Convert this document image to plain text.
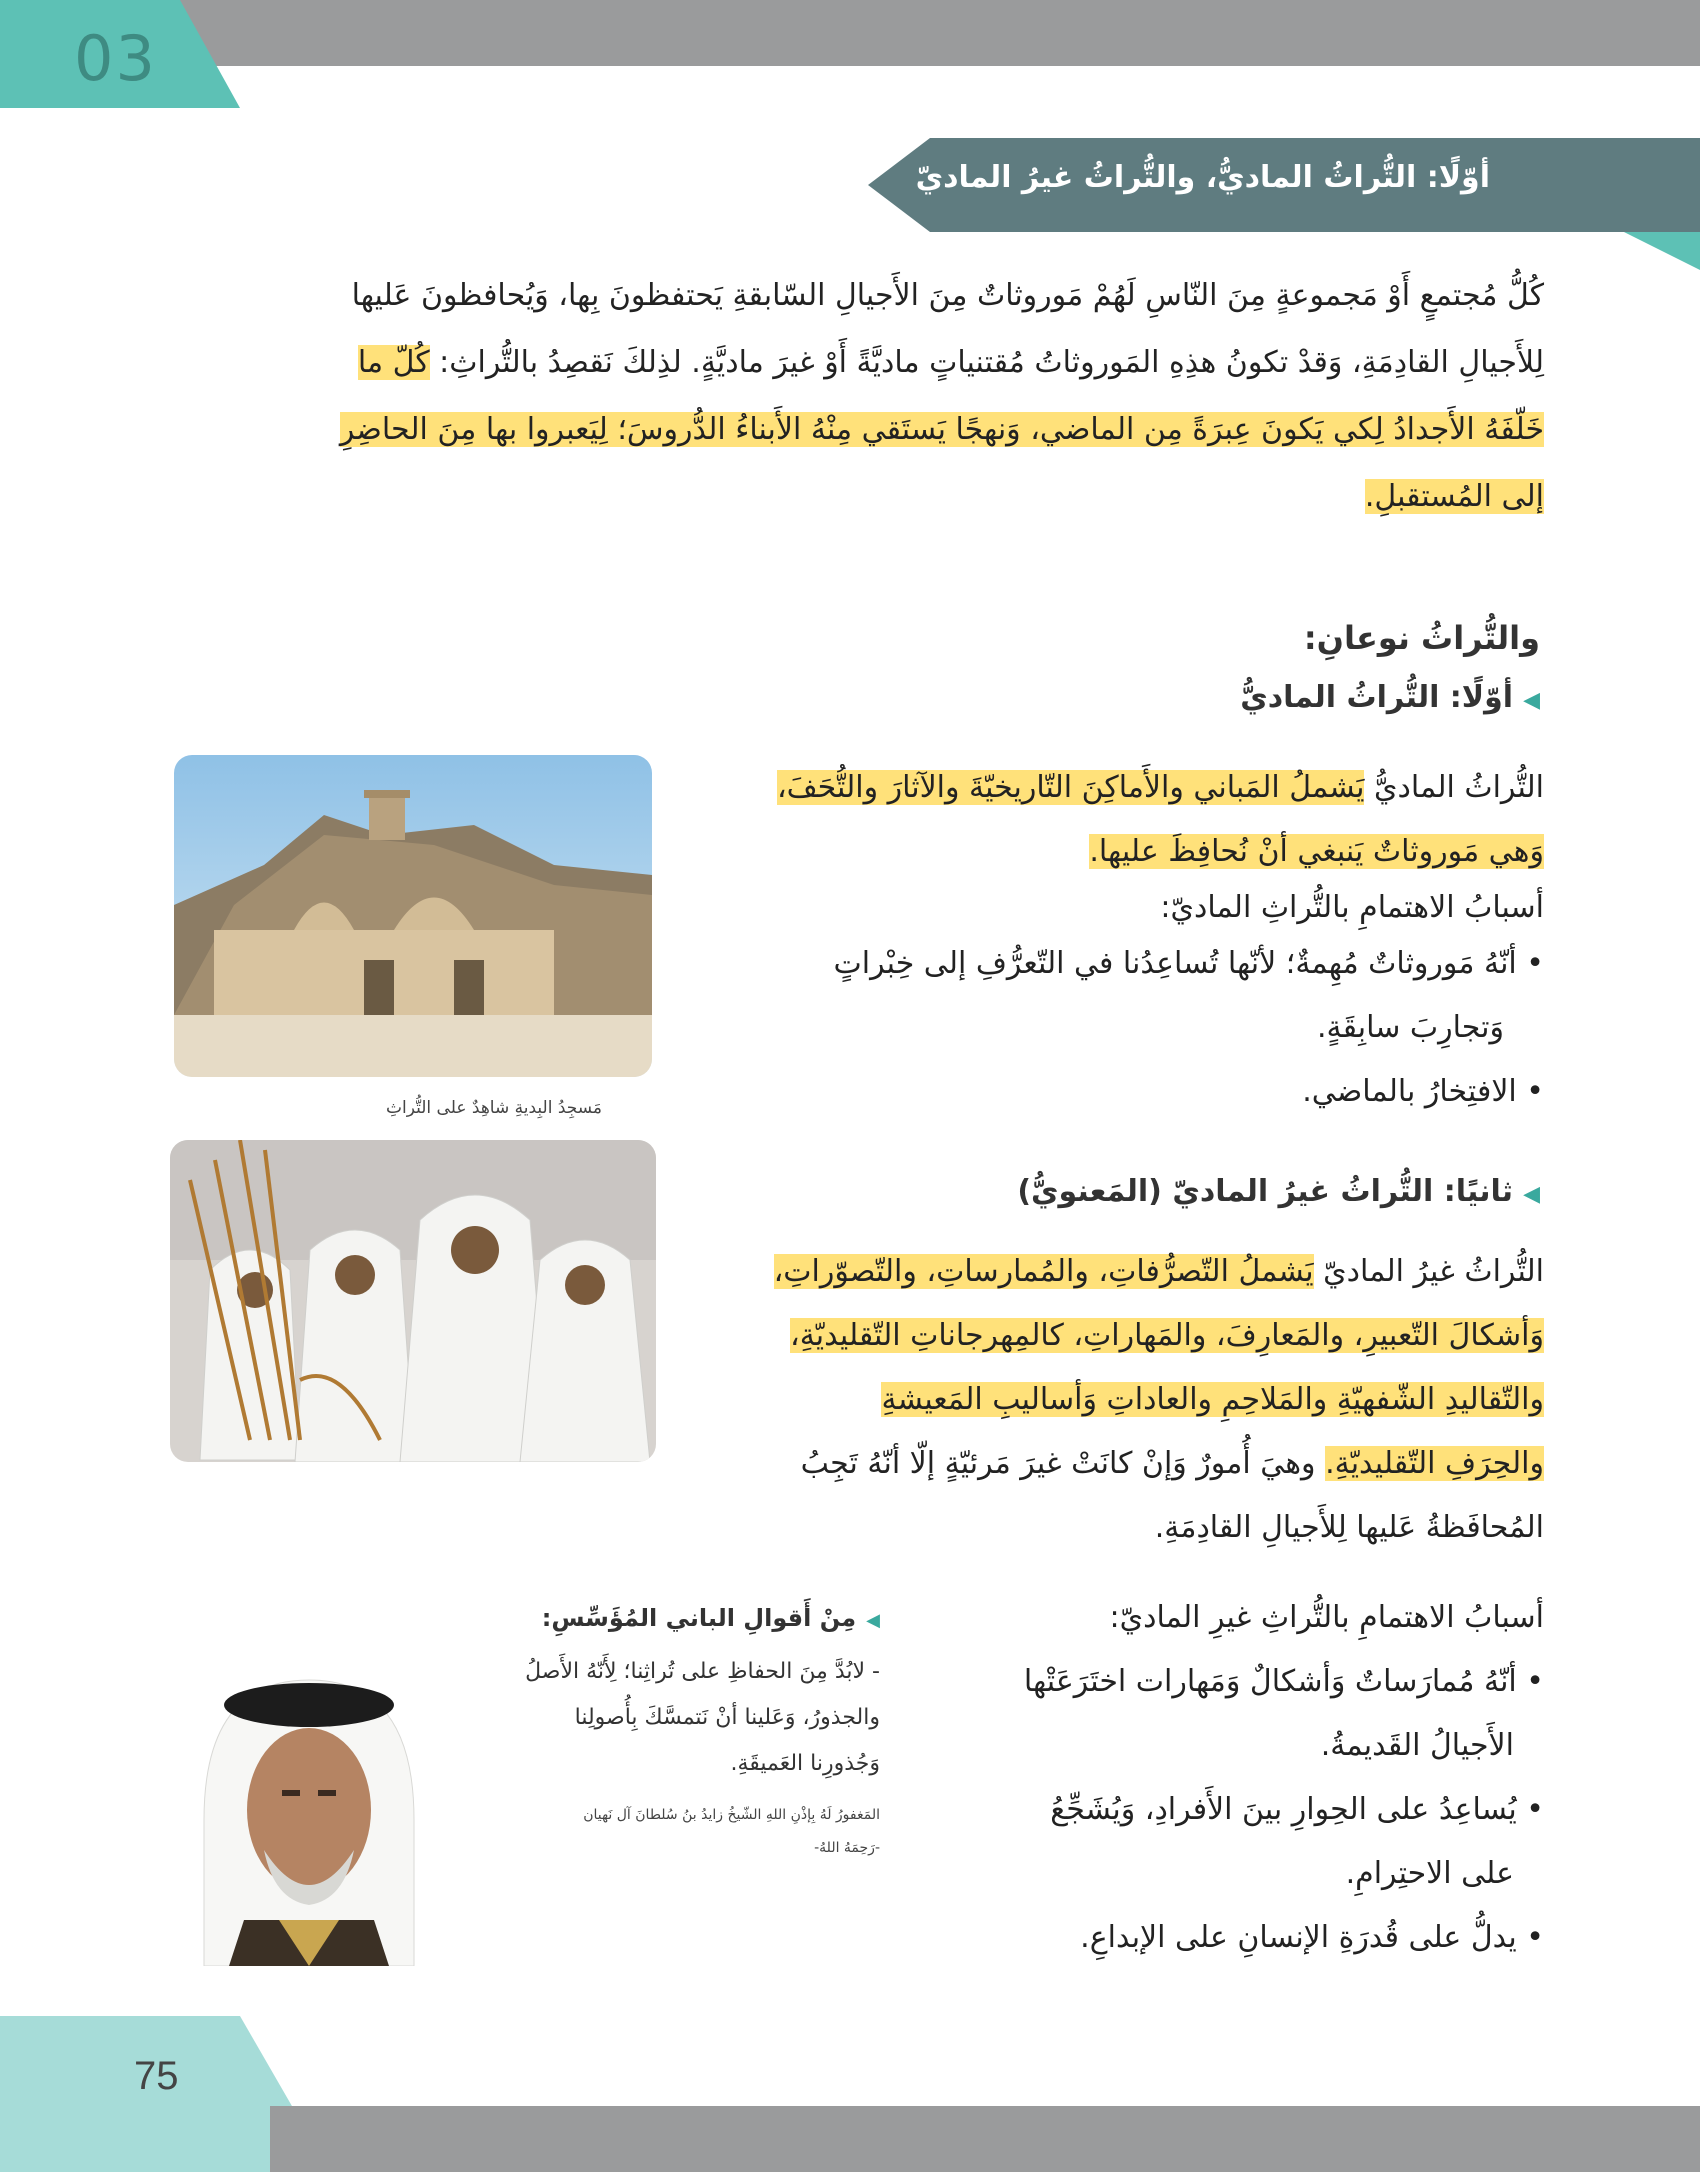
03
أوّلًا: التُّراثُ الماديُّ، والتُّراثُ غيرُ الماديّ
كُلُّ مُجتمعٍ أَوْ مَجموعةٍ مِنَ النّاسِ لَهُمْ مَوروثاتٌ مِنَ الأَجيالِ السّابقةِ يَحتفظونَ بِها، وَيُحافظونَ عَليها
لِلأَجيالِ القادِمَةِ، وَقدْ تكونُ هذِهِ المَوروثاتُ مُقتنياتٍ ماديَّةً أَوْ غيرَ ماديَّةٍ. لذِلكَ نَقصِدُ بالتُّراثِ: كُلّ ما
خَلّفَهُ الأَجدادُ لِكي يَكونَ عِبرَةً مِن الماضي، وَنهجًا يَستَقي مِنْهُ الأَبناءُ الدُّروسَ؛ لِيَعبروا بها مِنَ الحاضِرِ
إلى المُستقبلِ.
والتُّراثُ نوعانِ:
◀أوّلًا: التُّراثُ الماديُّ
مَسجِدُ البِديةِ شاهِدٌ على التُّراثِ
التُّراثُ الماديُّ يَشملُ المَباني والأَماكِنَ التّاريخيّةَ والآثارَ والتُّحَفَ،
وَهي مَوروثاتٌ يَنبغي أنْ نُحافِظَ عليها.
أسبابُ الاهتمامِ بالتُّراثِ الماديّ:
• أنّهُ مَوروثاتٌ مُهِمةٌ؛ لأنّها تُساعِدُنا في التّعرُّفِ إلى خِبْراتٍ
وَتجارِبَ سابِقَةٍ.
• الافتِخارُ بالماضي.
◀ثانيًا: التُّراثُ غيرُ الماديّ (المَعنويُّ)
التُّراثُ غيرُ الماديّ يَشملُ التّصرُّفاتِ، والمُمارساتِ، والتّصوّراتِ،
وَأشكالَ التّعبيرِ، والمَعارِفَ، والمَهاراتِ، كالمِهرجاناتِ التّقليديّةِ،
والتّقاليدِ الشّفهيّةِ والمَلاحِمِ والعاداتِ وَأساليبِ المَعيشةِ
والحِرَفِ التّقليديّةِ. وهيَ أُمورٌ وَإنْ كانَتْ غيرَ مَرئيّةٍ إلّا أنّهُ تَجِبُ
المُحافَظةُ عَليها لِلأَجيالِ القادِمَةِ.
أسبابُ الاهتمامِ بالتُّراثِ غيرِ الماديّ:
• أنّهُ مُمارَساتٌ وَأشكالٌ وَمَهارات اختَرَعَتْها
الأَجيالُ القَديمةُ.
• يُساعِدُ على الحِوارِ بينَ الأَفرادِ، وَيُشَجِّعُ
على الاحتِرامِ.
• يدلُّ على قُدرَةِ الإنسانِ على الإبداعِ.
◀مِنْ أَقوالِ الباني المُؤَسِّسِ:
- لابُدَّ مِنَ الحفاظِ على تُراثِنا؛ لِأَنّهُ الأَصلُ
والجذورُ، وَعَلينا أنْ نَتمسَّكَ بِأُصولِنا
وَجُذورِنا العَميقَةِ.
المَغفورُ لَهُ بِإذْنِ اللهِ الشّيخُ زايدُ بنُ سُلطانَ آل نَهيان
-رَحِمَهُ اللهُ-
75
